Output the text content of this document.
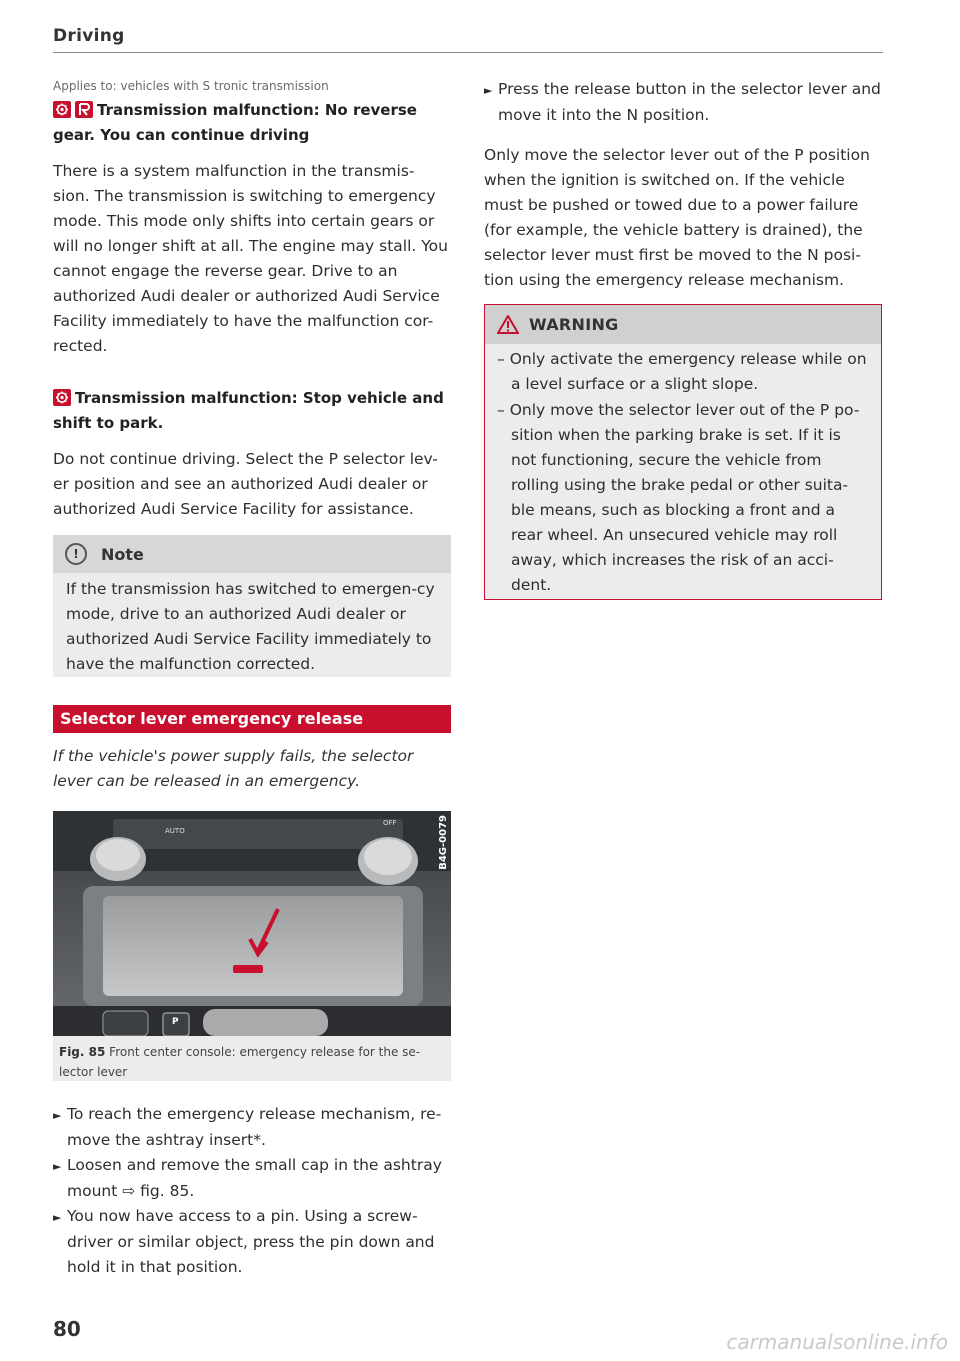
Driving
Applies to: vehicles with S tronic transmission
Transmission malfunction: No reverse gear. You can continue driving
There is a system malfunction in the transmis-sion. The transmission is switching to emergency mode. This mode only shifts into certain gears or will no longer shift at all. The engine may stall. You cannot engage the reverse gear. Drive to an authorized Audi dealer or authorized Audi Service Facility immediately to have the malfunction cor-rected.
Transmission malfunction: Stop vehicle and shift to park.
Do not continue driving. Select the P selector lev-er position and see an authorized Audi dealer or authorized Audi Service Facility for assistance.
!	Note
If the transmission has switched to emergen-cy mode, drive to an authorized Audi dealer or authorized Audi Service Facility immediately to have the malfunction corrected.
Selector lever emergency release
If the vehicle's power supply fails, the selector lever can be released in an emergency.
AUTO
OFF
P
B4G-0079
Fig. 85 Front center console: emergency release for the se-lector lever
► To reach the emergency release mechanism, re-move the ashtray insert*.
► Loosen and remove the small cap in the ashtray mount ⇨ fig. 85.
► You now have access to a pin. Using a screw-driver or similar object, press the pin down and hold it in that position.
80
► Press the release button in the selector lever and move it into the N position.
Only move the selector lever out of the P position when the ignition is switched on. If the vehicle must be pushed or towed due to a power failure (for example, the vehicle battery is drained), the selector lever must first be moved to the N posi-tion using the emergency release mechanism.
WARNING
– Only activate the emergency release while on a level surface or a slight slope.
– Only move the selector lever out of the P po-sition when the parking brake is set. If it is not functioning, secure the vehicle from rolling using the brake pedal or other suita-ble means, such as blocking a front and a rear wheel. An unsecured vehicle may roll away, which increases the risk of an acci-dent.
carmanualsonline.info
